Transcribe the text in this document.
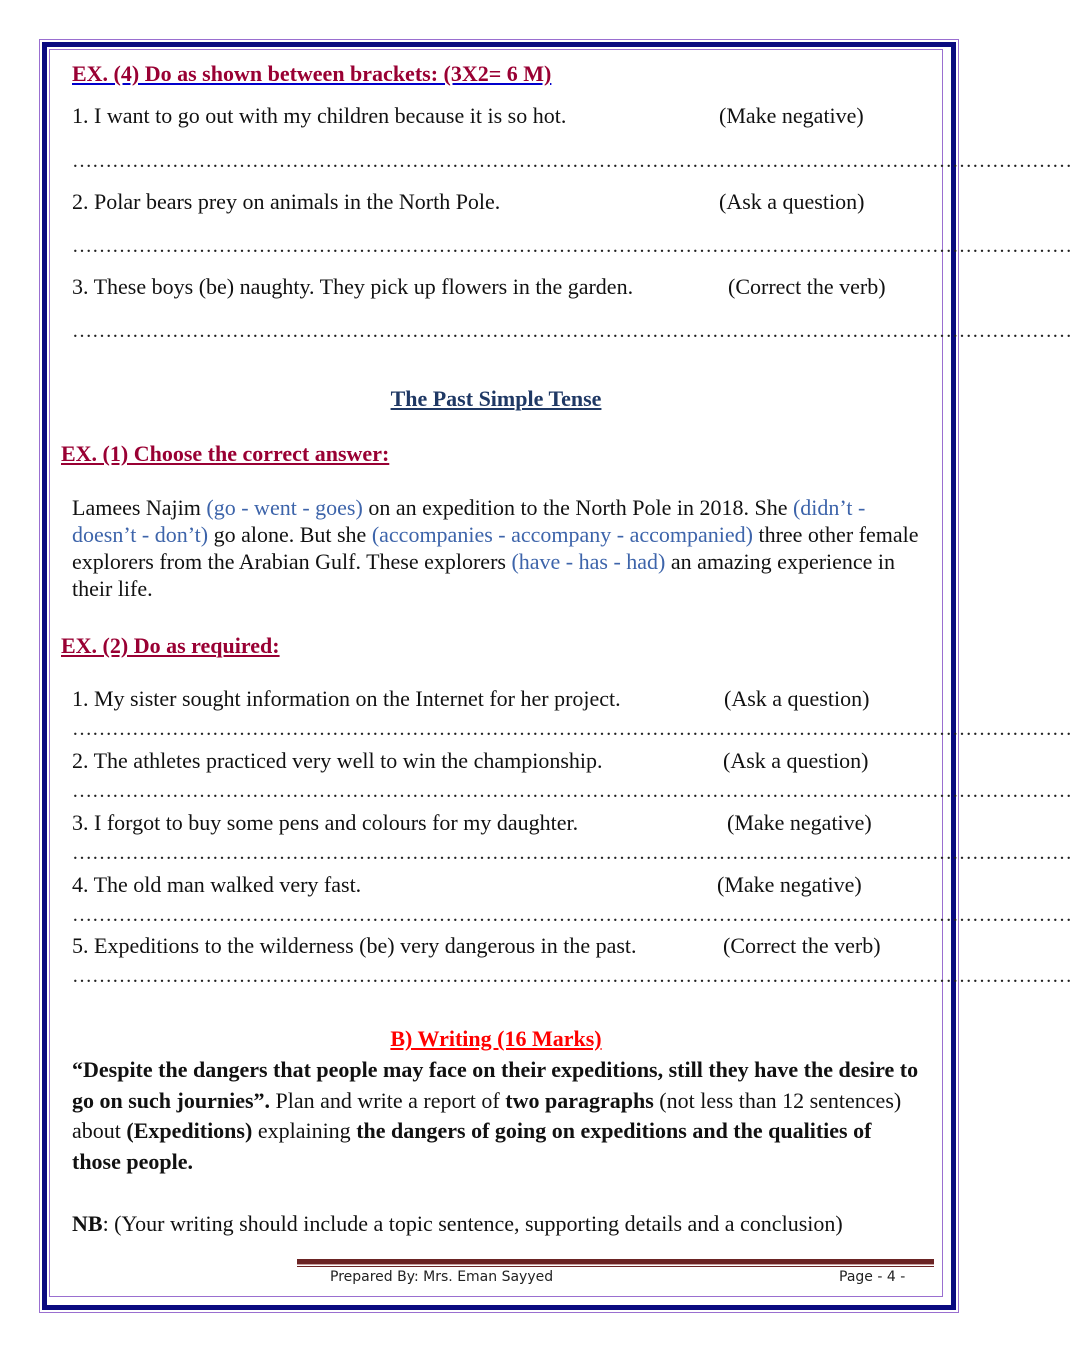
EX. (4) Do as shown between brackets: (3X2= 6 M)
1. I want to go out with my children because it is so hot.	(Make negative)
……………………………………………………………………………………………………………………………………
2. Polar bears prey on animals in the North Pole.	(Ask a question)
……………………………………………………………………………………………………………………………………
3. These boys (be) naughty. They pick up flowers in the garden.	(Correct the verb)
……………………………………………………………………………………………………………………………………
The Past Simple Tense
EX. (1) Choose the correct answer:
Lamees Najim (go - went - goes) on an expedition to the North Pole in 2018. She (didn’t - doesn’t - don’t) go alone. But she (accompanies - accompany - accompanied) three other female explorers from the Arabian Gulf. These explorers (have - has - had) an amazing experience in their life.
EX. (2) Do as required:
1. My sister sought information on the Internet for her project.	(Ask a question)
……………………………………………………………………………………………………………………………………
2. The athletes practiced very well to win the championship.	(Ask a question)
……………………………………………………………………………………………………………………………………
3. I forgot to buy some pens and colours for my daughter.	(Make negative)
……………………………………………………………………………………………………………………………………
4. The old man walked very fast.	(Make negative)
……………………………………………………………………………………………………………………………………
5. Expeditions to the wilderness (be) very dangerous in the past.	(Correct the verb)
……………………………………………………………………………………………………………………………………
B) Writing (16 Marks)
“Despite the dangers that people may face on their expeditions, still they have the desire to go on such journies”. Plan and write a report of two paragraphs (not less than 12 sentences) about (Expeditions) explaining the dangers of going on expeditions and the qualities of those people.
NB: (Your writing should include a topic sentence, supporting details and a conclusion)
Prepared By: Mrs. Eman Sayyed	Page - 4 -
